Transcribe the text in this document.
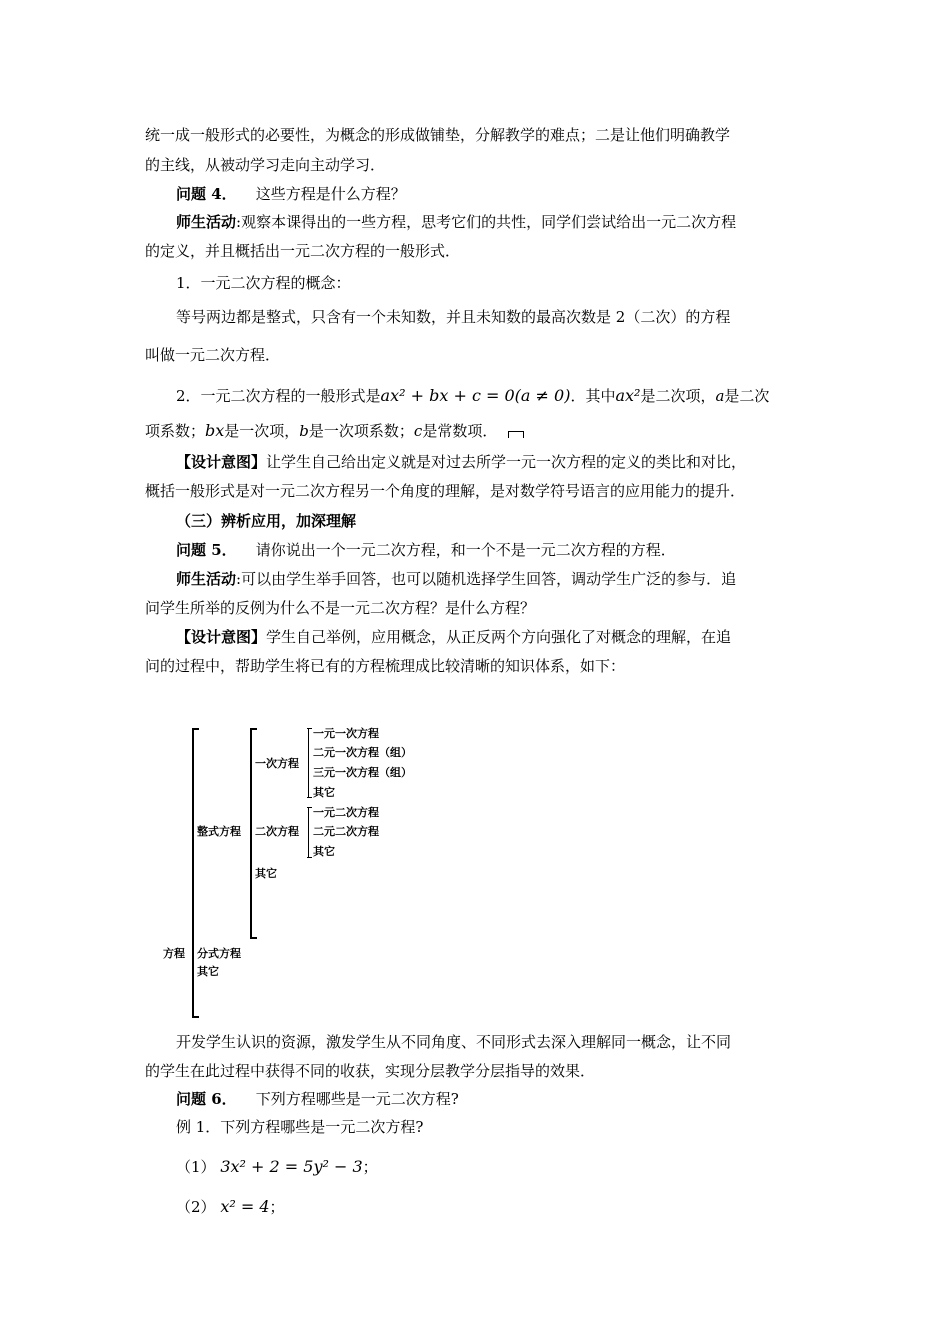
统一成一般形式的必要性，为概念的形成做铺垫，分解教学的难点；二是让他们明确教学
的主线，从被动学习走向主动学习．
问题 4． 这些方程是什么方程？
师生活动:观察本课得出的一些方程，思考它们的共性，同学们尝试给出一元二次方程
的定义，并且概括出一元二次方程的一般形式．
1．一元二次方程的概念：
等号两边都是整式，只含有一个未知数，并且未知数的最高次数是 2（二次）的方程
叫做一元二次方程．
2．一元二次方程的一般形式是ax² + bx + c = 0(a ≠ 0)．其中ax²是二次项，a是二次
项系数；bx是一次项，b是一次项系数；c是常数项．
【设计意图】让学生自己给出定义就是对过去所学一元一次方程的定义的类比和对比，
概括一般形式是对一元二次方程另一个角度的理解，是对数学符号语言的应用能力的提升．
（三）辨析应用，加深理解
问题 5． 请你说出一个一元二次方程，和一个不是一元二次方程的方程．
师生活动:可以由学生举手回答，也可以随机选择学生回答，调动学生广泛的参与．追
问学生所举的反例为什么不是一元二次方程？是什么方程？
【设计意图】学生自己举例，应用概念，从正反两个方向强化了对概念的理解，在追
问的过程中，帮助学生将已有的方程梳理成比较清晰的知识体系，如下：
方程
整式方程
分式方程
其它
一次方程
二次方程
其它
一元一次方程
二元一次方程（组）
三元一次方程（组）
其它
一元二次方程
二元二次方程
其它
开发学生认识的资源，激发学生从不同角度、不同形式去深入理解同一概念，让不同
的学生在此过程中获得不同的收获，实现分层教学分层指导的效果．
问题 6． 下列方程哪些是一元二次方程?
例 1．下列方程哪些是一元二次方程?
（1） 3x² + 2 = 5y² − 3；
（2） x² = 4；
